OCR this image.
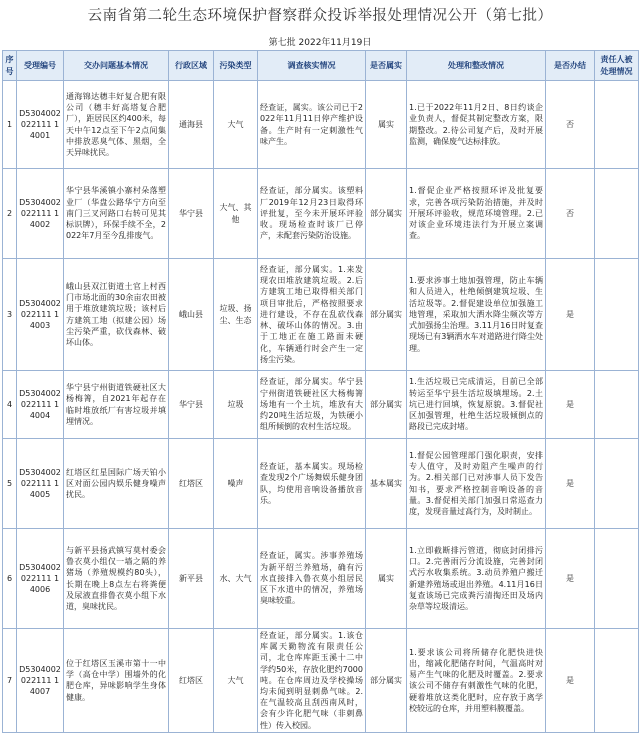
云南省第二轮生态环境保护督察群众投诉举报处理情况公开（第七批）
第七批 2022年11月19日
序号	受理编号	交办问题基本情况	行政区域	污染类型	调查核实情况	是否属实	处理和整改情况	是否办结	责任人被处理情况
1	D5304002022111 14001	通海锦达穗丰好复合肥有限公司（穗丰好高塔复合肥厂），距居民区约400米，每天中午12点至下午2点间集中排放恶臭气体、黑烟，全天异味扰民。	通海县	大气	经查证，属实。该公司已于2022年11月11日停产维护设备。生产时有一定刺激性气味产生。	属实	1.已于2022年11月2日、8日约谈企业负责人，督促其制定整改方案，限期整改。2.待公司复产后，及时开展监测，确保废气达标排放。	否	
2	D5304002022111 14002	华宁县华溪镇小寨村朵落塑业厂（华盘公路华宁方向至南门三叉河路口右转可见其标识牌），环保手续不全，2022年7月至今乱排废气。	华宁县	大气、其他	经查证，部分属实。该塑料厂2019年12月23日取得环评批复，至今未开展环评验收。现场检查时该厂已停产，未配套污染防治设施。	部分属实	1.督促企业严格按照环评及批复要求，完善各项污染防治措施，并及时开展环评验收，规范环境管理。2.已对该企业环境违法行为开展立案调查。	否	
3	D5304002022111 14003	峨山县双江街道土官上村西门市场北面的30余亩农田被用于堆放建筑垃圾；该村后方建筑工地（拟建公园）场尘污染严重，砍伐森林、破坏山体。	峨山县	垃圾、扬尘、生态	经查证，部分属实。1.来发现农田堆放建筑垃圾。2.后方建筑工地已取得相关部门项目审批后，严格按照要求进行建设，不存在乱砍伐森林、破坏山体的情况。3.由于工地正在施工路面未硬化，车辆通行时会产生一定扬尘污染。	部分属实	1.要求涉事土地加强管理，防止车辆和人员进入，杜绝倾倒建筑垃圾、生活垃圾等。2.督促建设单位加强施工地管理，采取加大洒水降尘频次等方式加强扬尘治理。3.11月16日时复查现场已有3辆洒水车对道路进行降尘处理。	是	
4	D5304002022111 14004	华宁县宁州街道铁硬社区大杨梅箐，自2021年起存在临时堆放纸厂有害垃圾并填埋情况。	华宁县	垃圾	经查证，部分属实。华宁县宁州街道铁硬社区大杨梅箐场地有一个土坑，堆放有大约20吨生活垃圾，为铁硬小组所倾倒的农村生活垃圾。	部分属实	1.生活垃圾已完成清运，目前已全部转运至华宁县生活垃圾填埋场。2.土坑已进行回填，恢复原貌。3.督促社区加强管理，杜绝生活垃圾倾倒点的路段已完成封堵。	是	
5	D5304002022111 14005	红塔区红星国际广场天铂小区对面公园内娱乐健身噪声扰民。	红塔区	噪声	经查证，基本属实。现场检查发现2个广场舞娱乐健身团队，均使用音响设备播放音乐。	基本属实	1.督促公园管理部门强化职责，安排专人值守，及时劝阻产生噪声的行为。2.相关部门已对涉事人员下发告知书，要求严格控制音响设备的音量。3.督促相关部门加强日常巡查力度，发现音量过高行为，及时制止。	是	
6	D5304002022111 14006	与新平县扬武镇写莫村委会鲁衣莫小组仅一墙之隔的养猪场（养殖规模约80头），长期在晚上8点左右将粪便及尿液直排鲁衣莫小组下水道，臭味扰民。	新平县	水、大气	经查证，属实。涉事养殖场为新平绍兰养殖场，确有污水直接排入鲁衣莫小组居民区下水道中的情况，养殖场臭味较重。	属实	1.立即截断排污管道，彻底封闭排污口。2.完善雨污分流设施，完善封闭式污水收集系统。3.动员养殖户搬迁新建养殖场或退出养殖。4.11月16日复查该场已完成粪污清掏还田及场内杂草等垃圾清运。	是	
7	D5304002022111 14007	位于红塔区玉溪市第十一中学（高仓中学）围墙外的化肥仓库，异味影响学生身体健康。	红塔区	大气	经查证，部分属实。1.该仓库属天勤物流有限责任公司，北仓库库距玉溪十二中学约50米，存放化肥约7000吨。在仓库周边及学校操场均未闻到明显刺鼻气味。2.在气温较高且刮西南风时，会有少许化肥气味（非刺鼻性）传入校园。	部分属实	1.要求该公司将所储存化肥快进快出，缩减化肥储存时间，气温高时对易产生气味的化肥及时覆盖。2.要求该公司不储存有刺激性气味的化肥，硬着堆放这类化肥时，应存放于离学校较远的仓库，并用塑料膜覆盖。	是	
